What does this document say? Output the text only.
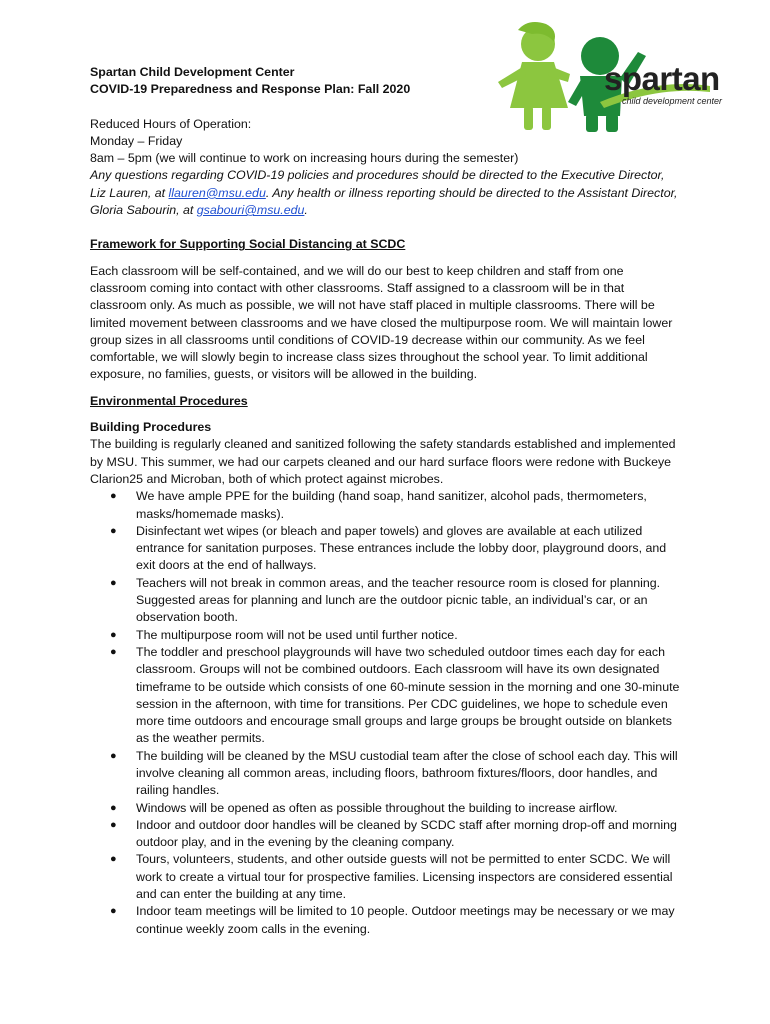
spartan
child development center
Spartan Child Development Center
COVID-19 Preparedness and Response Plan: Fall 2020
Reduced Hours of Operation:
Monday – Friday
8am – 5pm (we will continue to work on increasing hours during the semester)
Any questions regarding COVID-19 policies and procedures should be directed to the Executive Director, Liz Lauren, at llauren@msu.edu. Any health or illness reporting should be directed to the Assistant Director, Gloria Sabourin, at gsabouri@msu.edu.
Framework for Supporting Social Distancing at SCDC

Each classroom will be self-contained, and we will do our best to keep children and staff from one classroom coming into contact with other classrooms. Staff assigned to a classroom will be in that classroom only. As much as possible, we will not have staff placed in multiple classrooms. There will be limited movement between classrooms and we have closed the multipurpose room. We will maintain lower group sizes in all classrooms until conditions of COVID-19 decrease within our community. As we feel comfortable, we will slowly begin to increase class sizes throughout the school year. To limit additional exposure, no families, guests, or visitors will be allowed in the building.

Environmental Procedures
Building Procedures

The building is regularly cleaned and sanitized following the safety standards established and implemented by MSU. This summer, we had our carpets cleaned and our hard surface floors were redone with Buckeye Clarion25 and Microban, both of which protect against microbes.

● We have ample PPE for the building (hand soap, hand sanitizer, alcohol pads, thermometers, masks/homemade masks).
● Disinfectant wet wipes (or bleach and paper towels) and gloves are available at each utilized entrance for sanitation purposes. These entrances include the lobby door, playground doors, and exit doors at the end of hallways.
● Teachers will not break in common areas, and the teacher resource room is closed for planning. Suggested areas for planning and lunch are the outdoor picnic table, an individual’s car, or an observation booth.
● The multipurpose room will not be used until further notice.
● The toddler and preschool playgrounds will have two scheduled outdoor times each day for each classroom. Groups will not be combined outdoors. Each classroom will have its own designated timeframe to be outside which consists of one 60-minute session in the morning and one 30-minute session in the afternoon, with time for transitions. Per CDC guidelines, we hope to schedule even more time outdoors and encourage small groups and large groups be brought outside on blankets as the weather permits.
● The building will be cleaned by the MSU custodial team after the close of school each day. This will involve cleaning all common areas, including floors, bathroom fixtures/floors, door handles, and railing handles.
● Windows will be opened as often as possible throughout the building to increase airflow.
● Indoor and outdoor door handles will be cleaned by SCDC staff after morning drop-off and morning outdoor play, and in the evening by the cleaning company.
● Tours, volunteers, students, and other outside guests will not be permitted to enter SCDC. We will work to create a virtual tour for prospective families. Licensing inspectors are considered essential and can enter the building at any time.
● Indoor team meetings will be limited to 10 people. Outdoor meetings may be necessary or we may continue weekly zoom calls in the evening.
